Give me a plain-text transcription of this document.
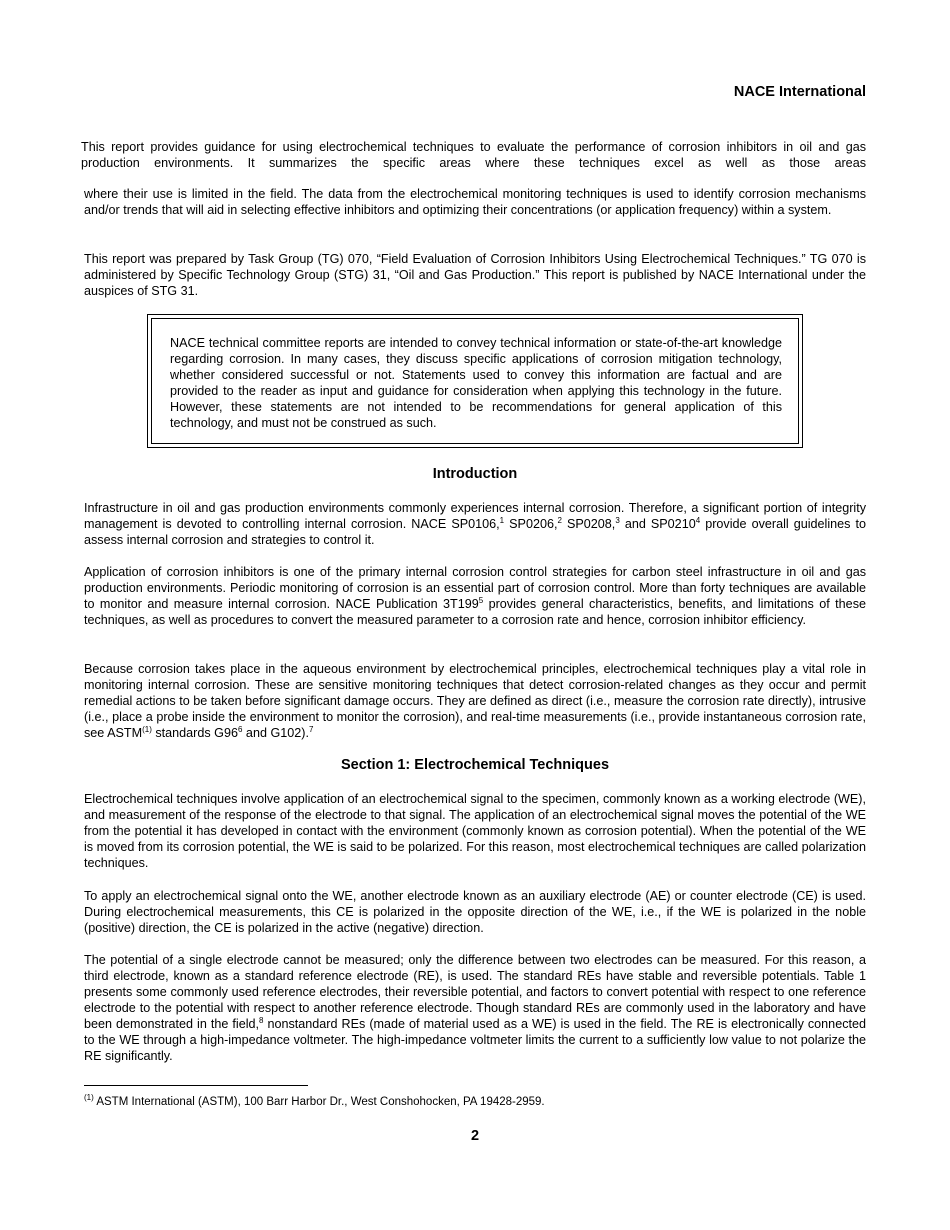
NACE International

This report provides guidance for using electrochemical techniques to evaluate the performance of corrosion inhibitors in oil and gas production environments. It summarizes the specific areas where these techniques excel as well as those areas

where their use is limited in the field. The data from the electrochemical monitoring techniques is used to identify corrosion mechanisms and/or trends that will aid in selecting effective inhibitors and optimizing their concentrations (or application frequency) within a system.

This report was prepared by Task Group (TG) 070, “Field Evaluation of Corrosion Inhibitors Using Electrochemical Techniques.” TG 070 is administered by Specific Technology Group (STG) 31, “Oil and Gas Production.” This report is published by NACE International under the auspices of STG 31.

NACE technical committee reports are intended to convey technical information or state-of-the-art knowledge regarding corrosion. In many cases, they discuss specific applications of corrosion mitigation technology, whether considered successful or not. Statements used to convey this information are factual and are provided to the reader as input and guidance for consideration when applying this technology in the future. However, these statements are not intended to be recommendations for general application of this technology, and must not be construed as such.

Introduction

Infrastructure in oil and gas production environments commonly experiences internal corrosion. Therefore, a significant portion of integrity management is devoted to controlling internal corrosion. NACE SP0106,$^1$ SP0206,$^2$ SP0208,$^3$ and SP0210$^4$ provide overall guidelines to assess internal corrosion and strategies to control it.

Application of corrosion inhibitors is one of the primary internal corrosion control strategies for carbon steel infrastructure in oil and gas production environments. Periodic monitoring of corrosion is an essential part of corrosion control. More than forty techniques are available to monitor and measure internal corrosion. NACE Publication $3T199^5$ provides general characteristics, benefits, and limitations of these techniques, as well as procedures to convert the measured parameter to a corrosion rate and hence, corrosion inhibitor efficiency.

Because corrosion takes place in the aqueous environment by electrochemical principles, electrochemical techniques play a vital role in monitoring internal corrosion. These are sensitive monitoring techniques that detect corrosion-related changes as they occur and permit remedial actions to be taken before significant damage occurs. They are defined as direct (i.e., measure the corrosion rate directly), intrusive (i.e., place a probe inside the environment to monitor the corrosion), and real-time measurements (i.e., provide instantaneous corrosion rate, see ASTM$^{(1)}$ standards $G96^6$ and G102).$^7$

Section 1: Electrochemical Techniques

Electrochemical techniques involve application of an electrochemical signal to the specimen, commonly known as a working electrode (WE), and measurement of the response of the electrode to that signal. The application of an electrochemical signal moves the potential of the WE from the potential it has developed in contact with the environment (commonly known as corrosion potential). When the potential of the WE is moved from its corrosion potential, the WE is said to be polarized. For this reason, most electrochemical techniques are called polarization techniques.

To apply an electrochemical signal onto the WE, another electrode known as an auxiliary electrode (AE) or counter electrode (CE) is used. During electrochemical measurements, this CE is polarized in the opposite direction of the WE, i.e., if the WE is polarized in the noble (positive) direction, the CE is polarized in the active (negative) direction.

The potential of a single electrode cannot be measured; only the difference between two electrodes can be measured. For this reason, a third electrode, known as a standard reference electrode (RE), is used. The standard REs have stable and reversible potentials. Table 1 presents some commonly used reference electrodes, their reversible potential, and factors to convert potential with respect to one reference electrode to the potential with respect to another reference electrode. Though standard REs are commonly used in the laboratory and have been demonstrated in the field,$^8$ nonstandard REs (made of material used as a WE) is used in the field. The RE is electronically connected to the WE through a high-impedance voltmeter. The high-impedance voltmeter limits the current to a sufficiently low value to not polarize the RE significantly.

$^{(1)}$ ASTM International (ASTM), 100 Barr Harbor Dr., West Conshohocken, PA 19428-2959.
2
